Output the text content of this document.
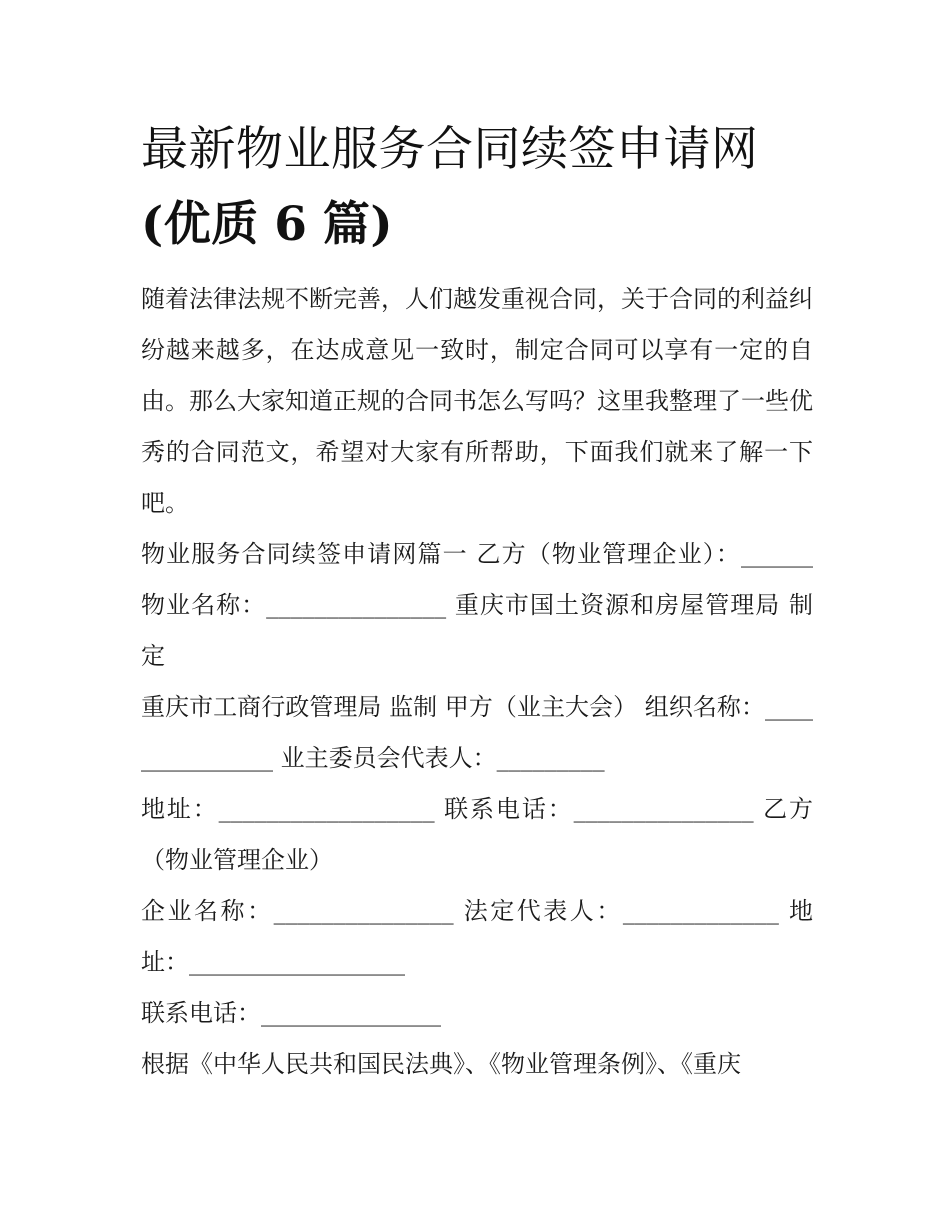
最新物业服务合同续签申请网
(优质 6 篇)

随着法律法规不断完善，人们越发重视合同，关于合同的利益纠纷越来越多，在达成意见一致时，制定合同可以享有一定的自由。那么大家知道正规的合同书怎么写吗？这里我整理了一些优秀的合同范文，希望对大家有所帮助，下面我们就来了解一下吧。

物业服务合同续签申请网篇一 乙方（物业管理企业）：______ 物业名称：_______________ 重庆市国土资源和房屋管理局 制定

重庆市工商行政管理局 监制 甲方（业主大会） 组织名称：_______________ 业主委员会代表人：_________

地址：__________________ 联系电话：_______________ 乙方（物业管理企业）

企业名称：_______________ 法定代表人：_____________ 地址：__________________

联系电话：_______________

根据《中华人民共和国民法典》、《物业管理条例》、《重庆
